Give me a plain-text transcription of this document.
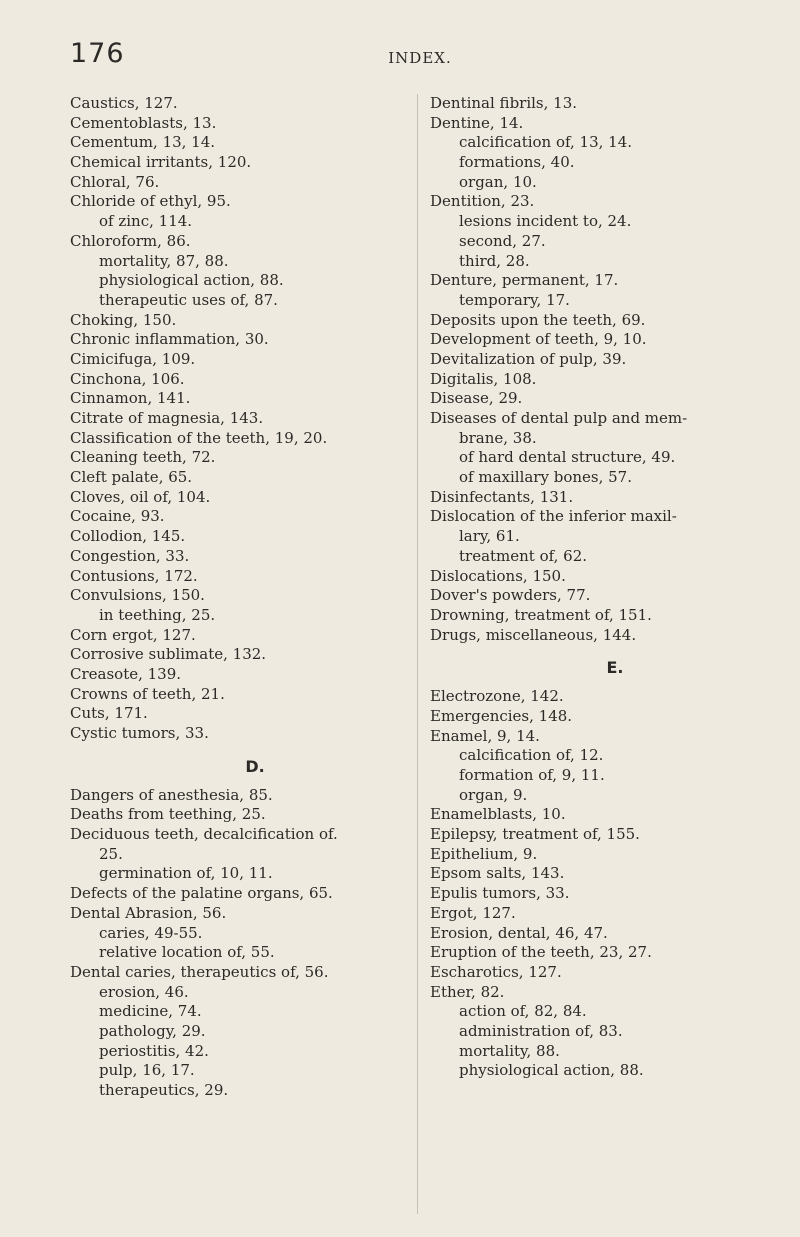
176	INDEX.
Caustics, 127.
Cementoblasts, 13.
Cementum, 13, 14.
Chemical irritants, 120.
Chloral, 76.
Chloride of ethyl, 95.
of zinc, 114.
Chloroform, 86.
mortality, 87, 88.
physiological action, 88.
therapeutic uses of, 87.
Choking, 150.
Chronic inflammation, 30.
Cimicifuga, 109.
Cinchona, 106.
Cinnamon, 141.
Citrate of magnesia, 143.
Classification of the teeth, 19, 20.
Cleaning teeth, 72.
Cleft palate, 65.
Cloves, oil of, 104.
Cocaine, 93.
Collodion, 145.
Congestion, 33.
Contusions, 172.
Convulsions, 150.
in teething, 25.
Corn ergot, 127.
Corrosive sublimate, 132.
Creasote, 139.
Crowns of teeth, 21.
Cuts, 171.
Cystic tumors, 33.
D.
Dangers of anesthesia, 85.
Deaths from teething, 25.
Deciduous teeth, decalcification of.
25.
germination of, 10, 11.
Defects of the palatine organs, 65.
Dental Abrasion, 56.
caries, 49-55.
relative location of, 55.
Dental caries, therapeutics of, 56.
erosion, 46.
medicine, 74.
pathology, 29.
periostitis, 42.
pulp, 16, 17.
therapeutics, 29.
Dentinal fibrils, 13.
Dentine, 14.
calcification of, 13, 14.
formations, 40.
organ, 10.
Dentition, 23.
lesions incident to, 24.
second, 27.
third, 28.
Denture, permanent, 17.
temporary, 17.
Deposits upon the teeth, 69.
Development of teeth, 9, 10.
Devitalization of pulp, 39.
Digitalis, 108.
Disease, 29.
Diseases of dental pulp and mem-
brane, 38.
of hard dental structure, 49.
of maxillary bones, 57.
Disinfectants, 131.
Dislocation of the inferior maxil-
lary, 61.
treatment of, 62.
Dislocations, 150.
Dover's powders, 77.
Drowning, treatment of, 151.
Drugs, miscellaneous, 144.
E.
Electrozone, 142.
Emergencies, 148.
Enamel, 9, 14.
calcification of, 12.
formation of, 9, 11.
organ, 9.
Enamelblasts, 10.
Epilepsy, treatment of, 155.
Epithelium, 9.
Epsom salts, 143.
Epulis tumors, 33.
Ergot, 127.
Erosion, dental, 46, 47.
Eruption of the teeth, 23, 27.
Escharotics, 127.
Ether, 82.
action of, 82, 84.
administration of, 83.
mortality, 88.
physiological action, 88.
